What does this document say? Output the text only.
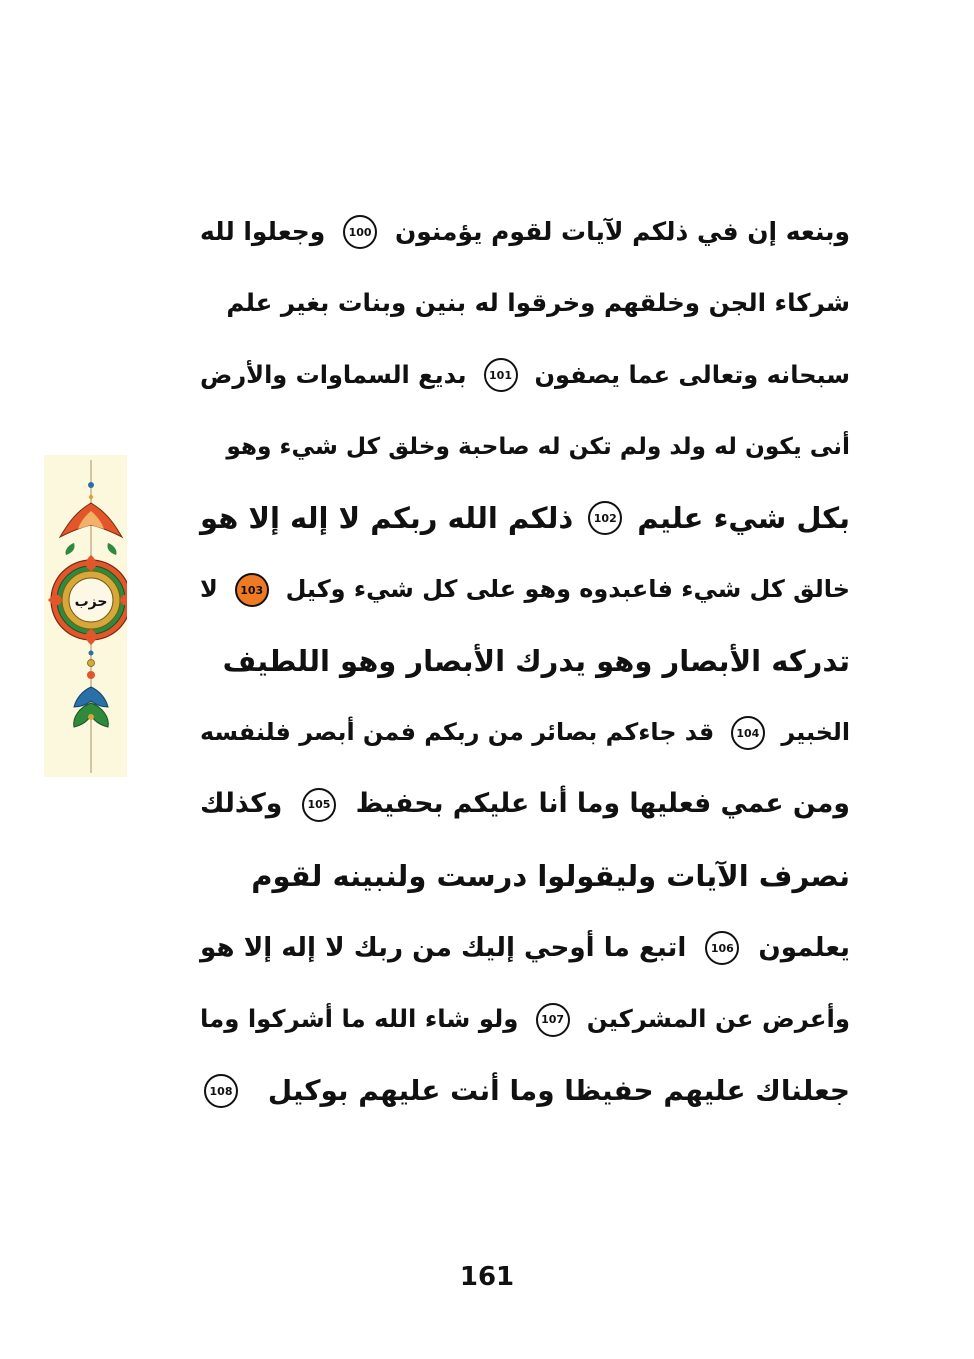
حزب
وبنعه إن في ذلكم لآيات لقوم يؤمنون
100
وجعلوا لله
شركاء الجن وخلقهم وخرقوا له بنين وبنات بغير علم
سبحانه وتعالى عما يصفون
101
بديع السماوات والأرض
أنى يكون له ولد ولم تكن له صاحبة وخلق كل شيء وهو
بكل شيء عليم
102
ذلكم الله ربكم لا إله إلا هو
خالق كل شيء فاعبدوه وهو على كل شيء وكيل
103
لا
تدركه الأبصار وهو يدرك الأبصار وهو اللطيف
الخبير
104
قد جاءكم بصائر من ربكم فمن أبصر فلنفسه
ومن عمي فعليها وما أنا عليكم بحفيظ
105
وكذلك
نصرف الآيات وليقولوا درست ولنبينه لقوم
يعلمون
106
اتبع ما أوحي إليك من ربك لا إله إلا هو
وأعرض عن المشركين
107
ولو شاء الله ما أشركوا وما
جعلناك عليهم حفيظا وما أنت عليهم بوكيل
108
161
